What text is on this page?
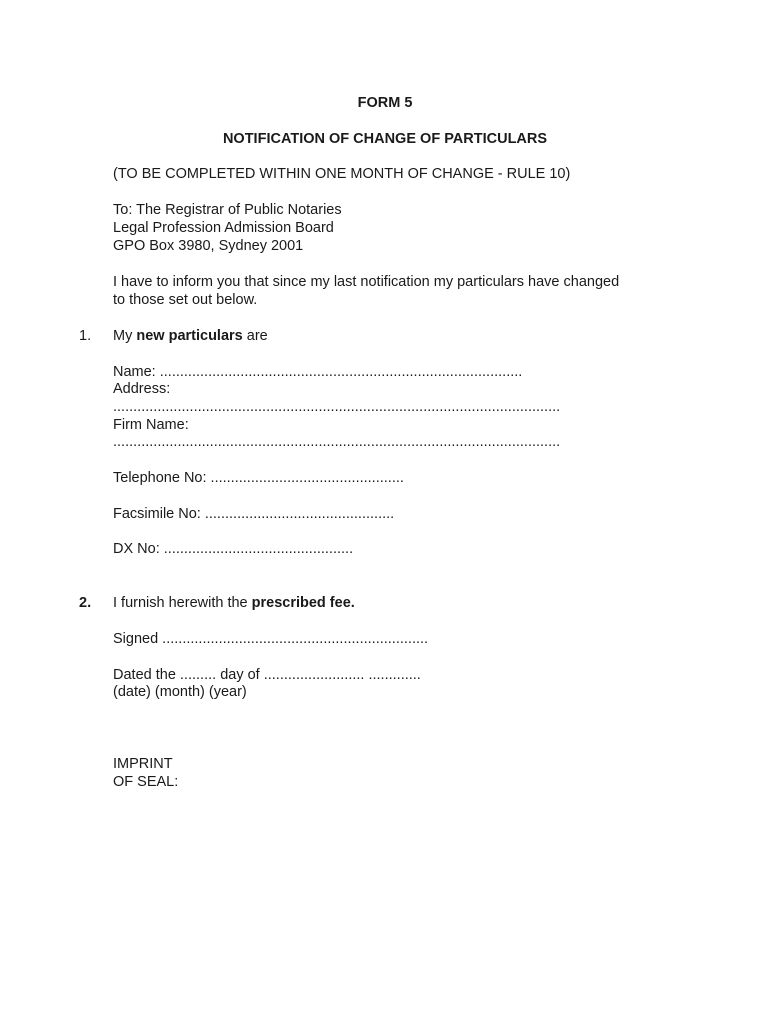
FORM 5
NOTIFICATION OF CHANGE OF PARTICULARS
(TO BE COMPLETED WITHIN ONE MONTH OF CHANGE - RULE 10)
To: The Registrar of Public Notaries
Legal Profession Admission Board
GPO Box 3980, Sydney 2001
I have to inform you that since my last notification my particulars have changed
to those set out below.
1. My new particulars are
Name: ..........................................................................................
Address:
...............................................................................................................
Firm Name:
...............................................................................................................
Telephone No: ................................................
Facsimile No: ...............................................
DX No: ...............................................
2. I furnish herewith the prescribed fee.
Signed ..................................................................
Dated the ......... day of ......................... .............
(date) (month) (year)
IMPRINT
OF SEAL:
